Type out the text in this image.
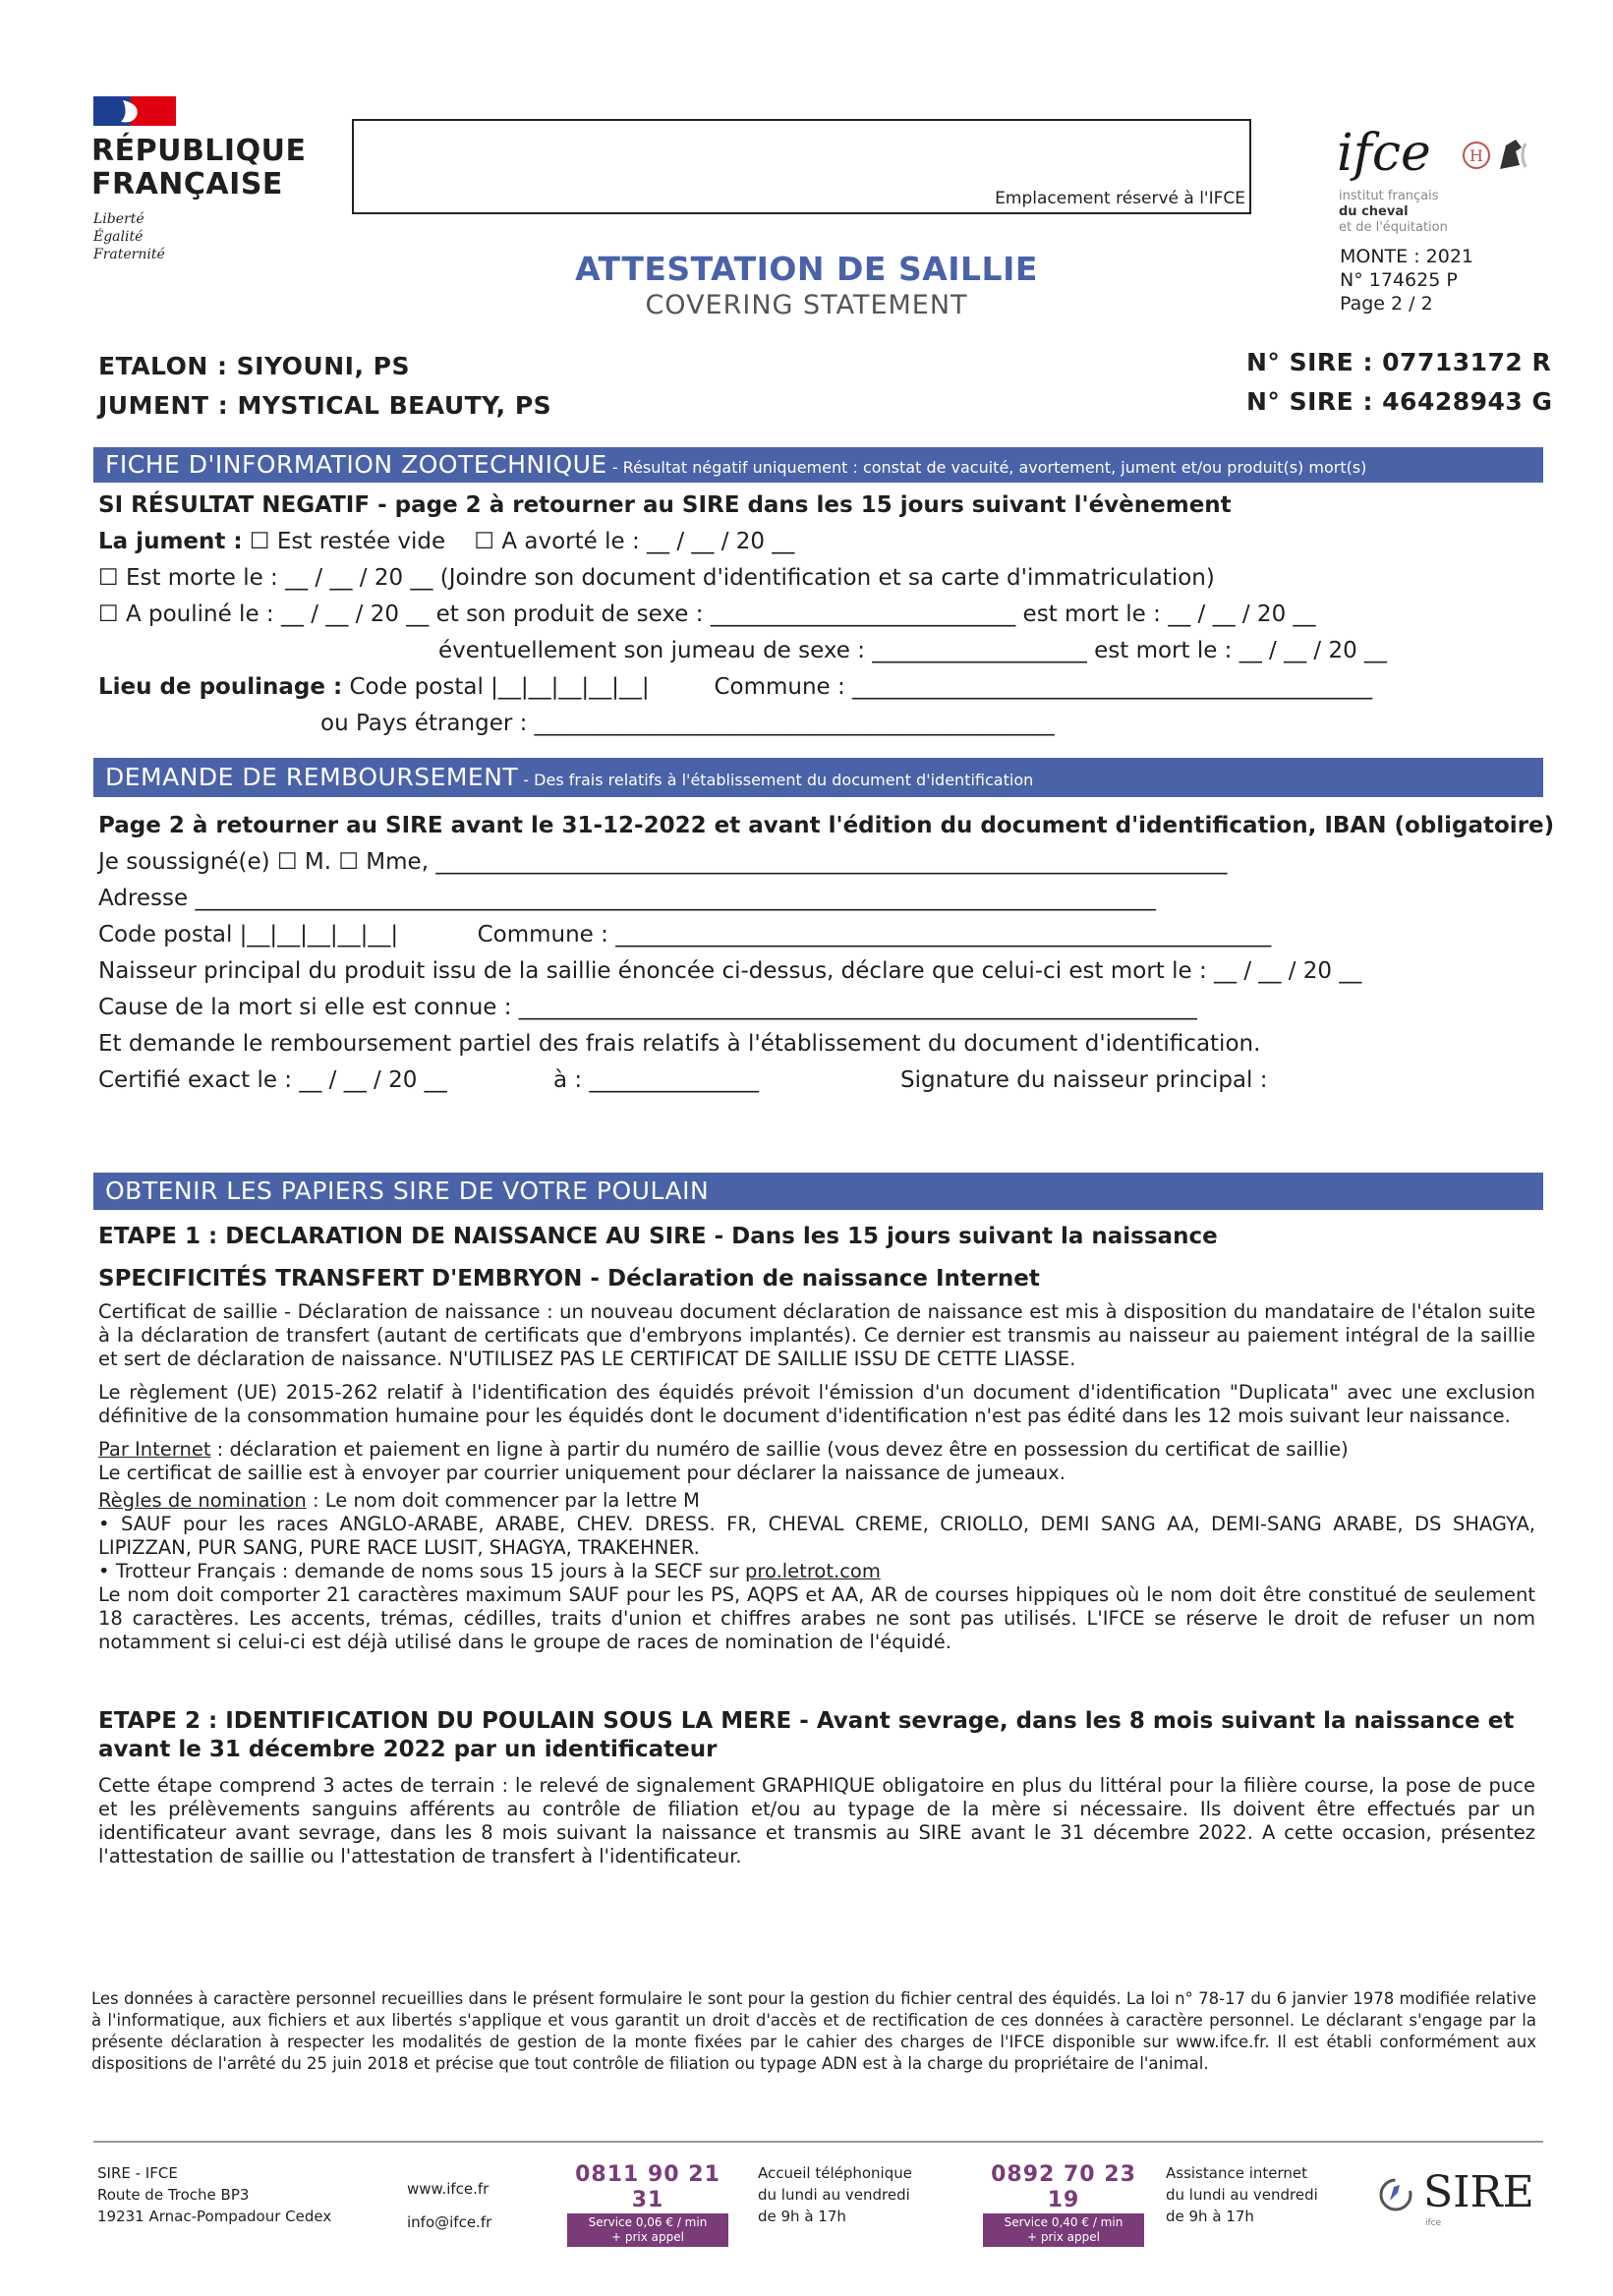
RÉPUBLIQUE
FRANÇAISE
Liberté
Égalité
Fraternité
Emplacement réservé à l'IFCE
ifce H
institut français
du cheval
et de l'équitation
ATTESTATION DE SAILLIE
COVERING STATEMENT
MONTE : 2021
N° 174625 P
Page 2 / 2
ETALON : SIYOUNI, PS
JUMENT : MYSTICAL BEAUTY, PS
N° SIRE : 07713172 R
N° SIRE : 46428943 G
FICHE D'INFORMATION ZOOTECHNIQUE - Résultat négatif uniquement : constat de vacuité, avortement, jument et/ou produit(s) mort(s)
SI RÉSULTAT NEGATIF - page 2 à retourner au SIRE dans les 15 jours suivant l'évènement
La jument : ☐ Est restée vide ☐ A avorté le : __ / __ / 20 __
☐ Est morte le : __ / __ / 20 __ (Joindre son document d'identification et sa carte d'immatriculation)
☐ A pouliné le : __ / __ / 20 __ et son produit de sexe : ___________________________ est mort le : __ / __ / 20 __
éventuellement son jumeau de sexe : ___________________ est mort le : __ / __ / 20 __
Lieu de poulinage : Code postal |__|__|__|__|__|	Commune : ______________________________________________
ou Pays étranger : ______________________________________________
DEMANDE DE REMBOURSEMENT - Des frais relatifs à l'établissement du document d'identification
Page 2 à retourner au SIRE avant le 31-12-2022 et avant l'édition du document d'identification, IBAN (obligatoire)
Je soussigné(e) ☐ M. ☐ Mme, ______________________________________________________________________
Adresse _____________________________________________________________________________________
Code postal |__|__|__|__|__|	Commune : __________________________________________________________
Naisseur principal du produit issu de la saillie énoncée ci-dessus, déclare que celui-ci est mort le : __ / __ / 20 __
Cause de la mort si elle est connue : ____________________________________________________________
Et demande le remboursement partiel des frais relatifs à l'établissement du document d'identification.
Certifié exact le : __ / __ / 20 __	à : _______________	Signature du naisseur principal :
OBTENIR LES PAPIERS SIRE DE VOTRE POULAIN
ETAPE 1 : DECLARATION DE NAISSANCE AU SIRE - Dans les 15 jours suivant la naissance
SPECIFICITÉS TRANSFERT D'EMBRYON - Déclaration de naissance Internet

Certificat de saillie - Déclaration de naissance : un nouveau document déclaration de naissance est mis à disposition du mandataire de l'étalon suite à la déclaration de transfert (autant de certificats que d'embryons implantés). Ce dernier est transmis au naisseur au paiement intégral de la saillie et sert de déclaration de naissance. N'UTILISEZ PAS LE CERTIFICAT DE SAILLIE ISSU DE CETTE LIASSE.

Le règlement (UE) 2015-262 relatif à l'identification des équidés prévoit l'émission d'un document d'identification "Duplicata" avec une exclusion définitive de la consommation humaine pour les équidés dont le document d'identification n'est pas édité dans les 12 mois suivant leur naissance.

Par Internet : déclaration et paiement en ligne à partir du numéro de saillie (vous devez être en possession du certificat de saillie)

Le certificat de saillie est à envoyer par courrier uniquement pour déclarer la naissance de jumeaux.

Règles de nomination : Le nom doit commencer par la lettre M

• SAUF pour les races ANGLO-ARABE, ARABE, CHEV. DRESS. FR, CHEVAL CREME, CRIOLLO, DEMI SANG AA, DEMI-SANG ARABE, DS SHAGYA, LIPIZZAN, PUR SANG, PURE RACE LUSIT, SHAGYA, TRAKEHNER.

• Trotteur Français : demande de noms sous 15 jours à la SECF sur pro.letrot.com

Le nom doit comporter 21 caractères maximum SAUF pour les PS, AQPS et AA, AR de courses hippiques où le nom doit être constitué de seulement 18 caractères. Les accents, trémas, cédilles, traits d'union et chiffres arabes ne sont pas utilisés. L'IFCE se réserve le droit de refuser un nom notamment si celui-ci est déjà utilisé dans le groupe de races de nomination de l'équidé.

ETAPE 2 : IDENTIFICATION DU POULAIN SOUS LA MERE - Avant sevrage, dans les 8 mois suivant la naissance et avant le 31 décembre 2022 par un identificateur
Cette étape comprend 3 actes de terrain : le relevé de signalement GRAPHIQUE obligatoire en plus du littéral pour la filière course, la pose de puce et les prélèvements sanguins afférents au contrôle de filiation et/ou au typage de la mère si nécessaire. Ils doivent être effectués par un identificateur avant sevrage, dans les 8 mois suivant la naissance et transmis au SIRE avant le 31 décembre 2022. A cette occasion, présentez l'attestation de saillie ou l'attestation de transfert à l'identificateur.
Les données à caractère personnel recueillies dans le présent formulaire le sont pour la gestion du fichier central des équidés. La loi n° 78-17 du 6 janvier 1978 modifiée relative à l'informatique, aux fichiers et aux libertés s'applique et vous garantit un droit d'accès et de rectification de ces données à caractère personnel. Le déclarant s'engage par la présente déclaration à respecter les modalités de gestion de la monte fixées par le cahier des charges de l'IFCE disponible sur www.ifce.fr. Il est établi conformément aux dispositions de l'arrêté du 25 juin 2018 et précise que tout contrôle de filiation ou typage ADN est à la charge du propriétaire de l'animal.
SIRE - IFCE
Route de Troche BP3
19231 Arnac-Pompadour Cedex
www.ifce.fr
info@ifce.fr
0811 90 21 31
Service 0,06 € / min
+ prix appel
Accueil téléphonique
du lundi au vendredi
de 9h à 17h
0892 70 23 19
Service 0,40 € / min
+ prix appel
Assistance internet
du lundi au vendredi
de 9h à 17h	SIRE
ifce
